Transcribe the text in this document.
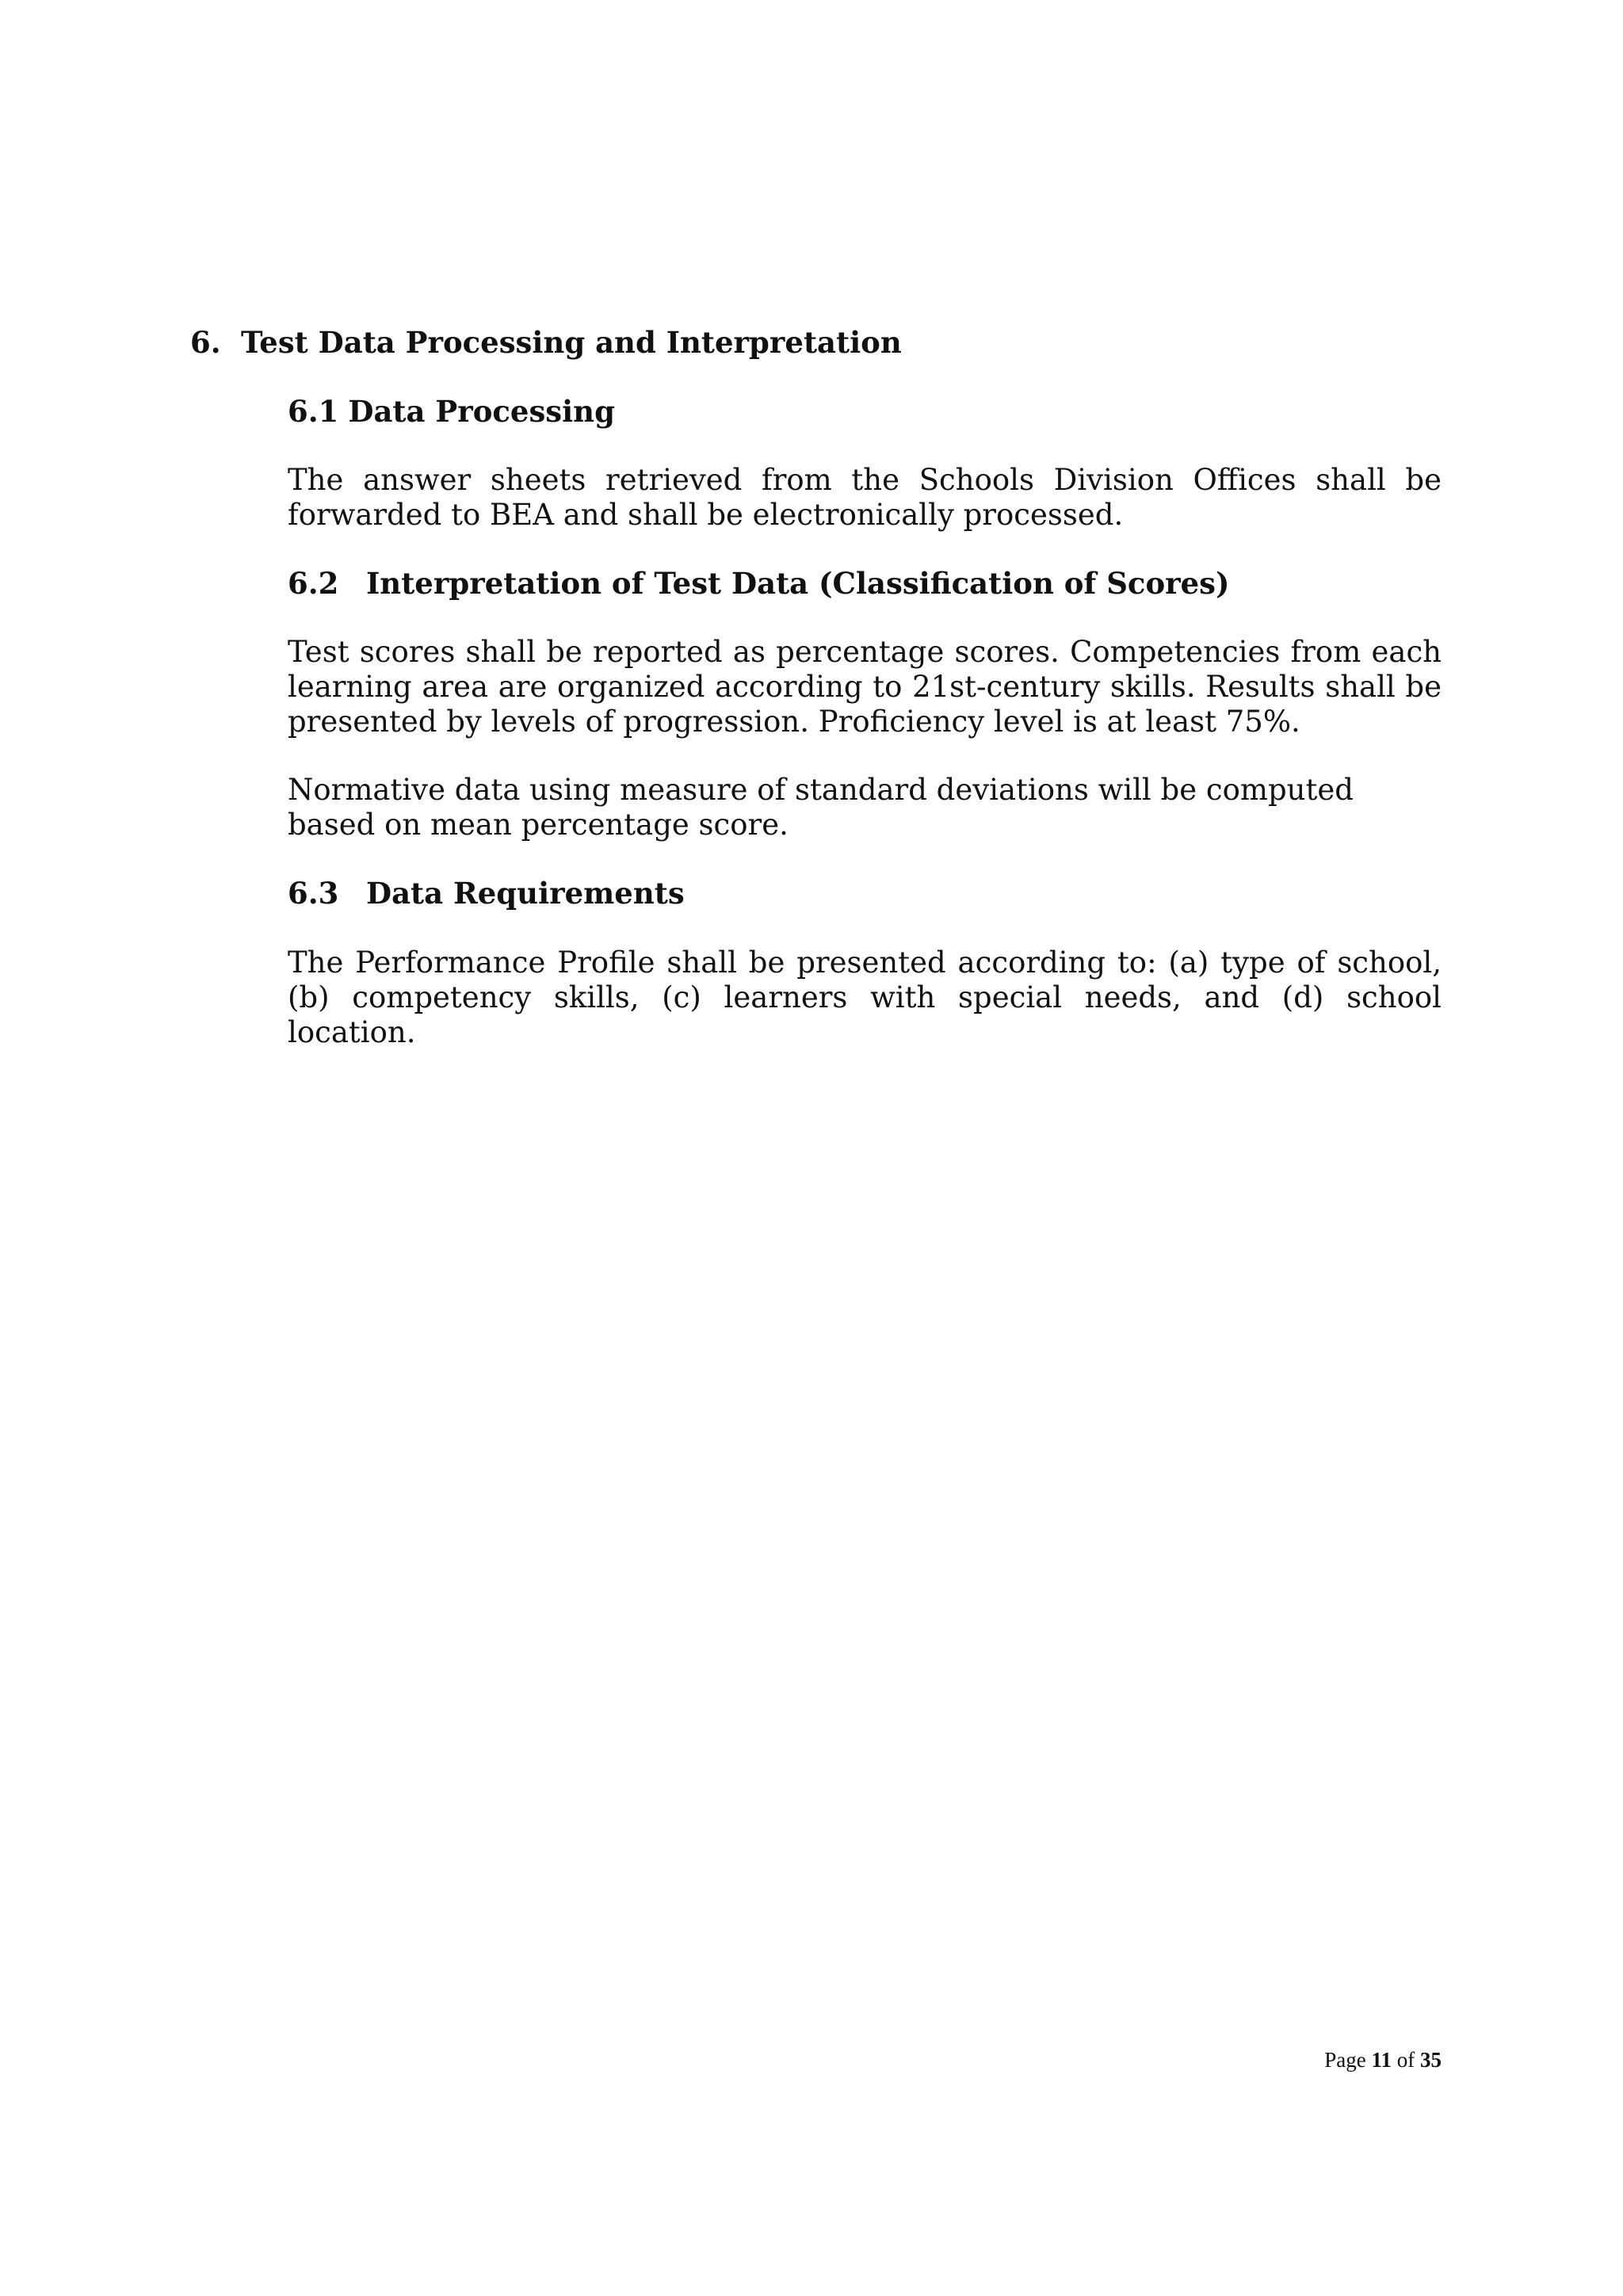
6. Test Data Processing and Interpretation
6.1 Data Processing

The answer sheets retrieved from the Schools Division Offices shall be forwarded to BEA and shall be electronically processed.

6.2 Interpretation of Test Data (Classification of Scores)

Test scores shall be reported as percentage scores. Competencies from each learning area are organized according to 21st-century skills. Results shall be presented by levels of progression. Proficiency level is at least 75%.

Normative data using measure of standard deviations will be computed based on mean percentage score.

6.3 Data Requirements

The Performance Profile shall be presented according to: (a) type of school, (b) competency skills, (c) learners with special needs, and (d) school location.

Page 11 of 35
